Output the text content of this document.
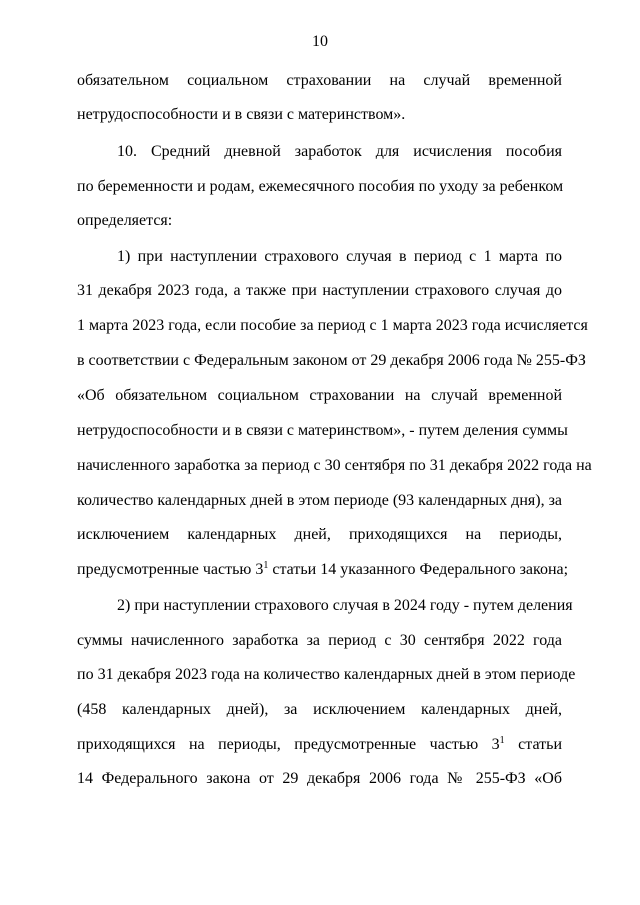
10
обязательном социальном страховании на случай временной
нетрудоспособности и в связи с материнством».
10. Средний дневной заработок для исчисления пособия
по беременности и родам, ежемесячного пособия по уходу за ребенком
определяется:
1) при наступлении страхового случая в период с 1 марта по
31 декабря 2023 года, а также при наступлении страхового случая до
1 марта 2023 года, если пособие за период с 1 марта 2023 года исчисляется
в соответствии с Федеральным законом от 29 декабря 2006 года № 255-ФЗ
«Об обязательном социальном страховании на случай временной
нетрудоспособности и в связи с материнством», - путем деления суммы
начисленного заработка за период с 30 сентября по 31 декабря 2022 года на
количество календарных дней в этом периоде (93 календарных дня), за
исключением календарных дней, приходящихся на периоды,
предусмотренные частью $3^1$ статьи 14 указанного Федерального закона;
2) при наступлении страхового случая в 2024 году - путем деления
суммы начисленного заработка за период с 30 сентября 2022 года
по 31 декабря 2023 года на количество календарных дней в этом периоде
(458 календарных дней), за исключением календарных дней,
приходящихся на периоды, предусмотренные частью $3^1$ статьи
14 Федерального закона от 29 декабря 2006 года № 255-ФЗ «Об
